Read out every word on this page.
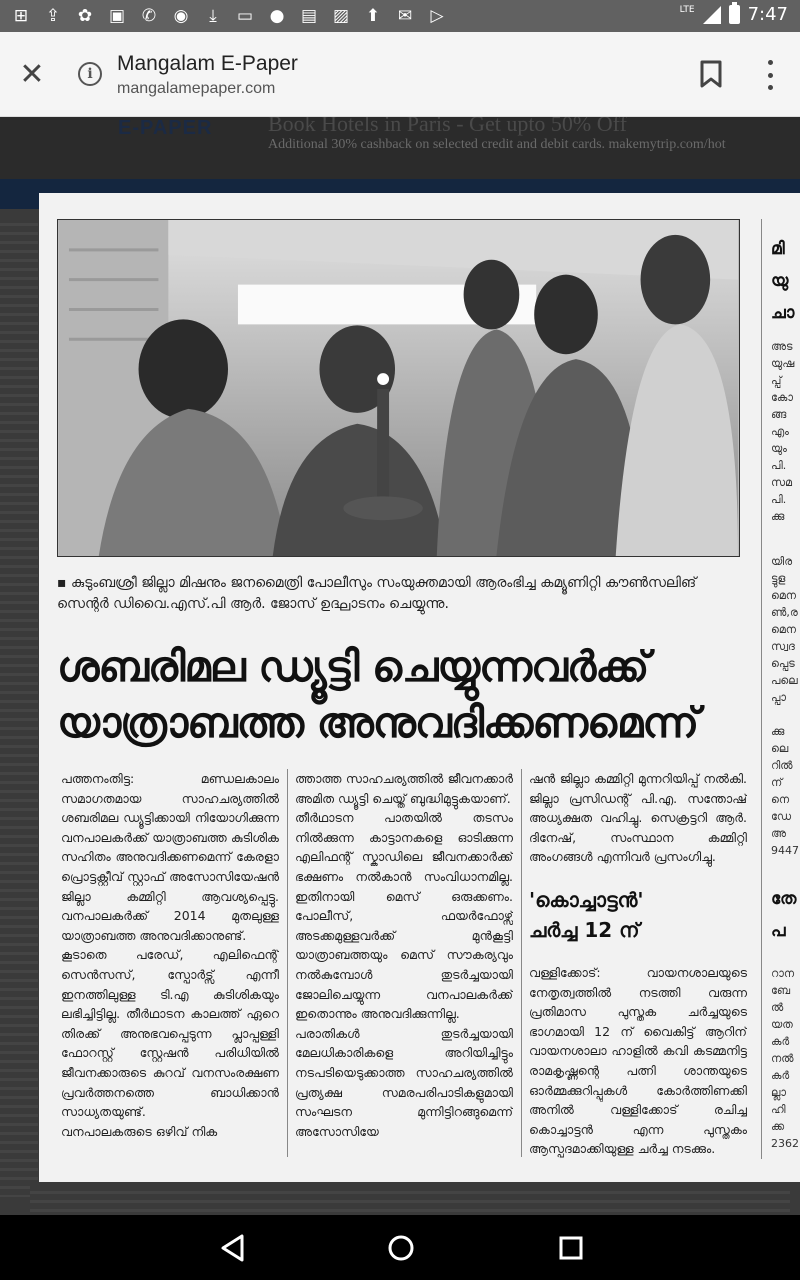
⊞ ⇪ ✿ ▣ ✆ ◉	⤓	▭ ● ▤ ▨ ⬆ ✉ ▷	LTE	7:47
✕	i	Mangalam E-Paper
mangalamepaper.com
E-PAPER	Book Hotels in Paris - Get upto 50% Off
Additional 30% cashback on selected credit and debit cards. makemytrip.com/hot
▪ കുടുംബശ്രീ ജില്ലാ മിഷനും ജനമൈത്രി പോലീസും സംയുക്തമായി ആരംഭിച്ച കമ്യൂണിറ്റി കൗൺസലിങ്
സെന്റർ ഡിവൈ.എസ്.പി ആർ. ജോസ് ഉദ്ഘാടനം ചെയ്യുന്നു.
ശബരിമല ഡ്യൂട്ടി ചെയ്യുന്നവർക്ക്
യാത്രാബത്ത അനുവദിക്കണമെന്ന്
പത്തനംതിട്ട: മണ്ഡലകാലം സമാഗതമായ സാഹചര്യത്തിൽ ശബരിമല ഡ്യൂട്ടിക്കായി നിയോഗിക്കുന്ന വനപാലകർക്ക് യാത്രാബത്ത കുടിശിക സഹിതം അനുവദിക്കണമെന്ന് കേരളാ പ്രൊട്ടക്റ്റീവ് സ്റ്റാഫ് അസോസിയേഷൻ ജില്ലാ കമ്മിറ്റി ആവശ്യപ്പെട്ടു. വനപാലകർക്ക് 2014 മുതലുള്ള യാത്രാബത്ത അനുവദിക്കാനുണ്ട്.
കൂടാതെ പരേഡ്, എലിഫെന്റ് സെൻസസ്, സ്പോർട്സ് എന്നീ ഇനത്തിലുള്ള ടി.എ കുടിശികയും ലഭിച്ചിട്ടില്ല. തീർഥാടന കാലത്ത് ഏറെ തിരക്ക് അനുഭവപ്പെടുന്ന പ്ലാപ്പള്ളി ഫോറസ്റ്റ് സ്റ്റേഷൻ പരിധിയിൽ ജീവനക്കാരുടെ കുറവ് വനസംരക്ഷണ പ്രവർത്തനത്തെ ബാധിക്കാൻ സാധ്യതയുണ്ട്.
വനപാലകരുടെ ഒഴിവ് നിക
ത്താത്ത സാഹചര്യത്തിൽ ജീവനക്കാർ അമിത ഡ്യൂട്ടി ചെയ്ത് ബുദ്ധിമുട്ടുകയാണ്.
തീർഥാടന പാതയിൽ തടസം നിൽക്കുന്ന കാട്ടാനകളെ ഓടിക്കുന്ന എലിഫന്റ് സ്കാഡിലെ ജീവനക്കാർക്ക് ഭക്ഷണം നൽകാൻ സംവിധാനമില്ല. ഇതിനായി മെസ് ഒരുക്കണം. പോലീസ്, ഫയർഫോഴ്സ് അടക്കമുള്ളവർക്ക് മുൻകൂട്ടി യാത്രാബത്തയും മെസ് സൗകര്യവും നൽകുമ്പോൾ തുടർച്ചയായി ജോലിചെയ്യുന്ന വനപാലകർക്ക് ഇതൊന്നും അനുവദിക്കുന്നില്ല.
പരാതികൾ തുടർച്ചയായി മേലധികാരികളെ അറിയിച്ചിട്ടും നടപടിയെടുക്കാത്ത സാഹചര്യത്തിൽ പ്രത്യക്ഷ സമരപരിപാടികളുമായി സംഘടന മുന്നിട്ടിറങ്ങുമെന്ന് അസോസിയേ
ഷൻ ജില്ലാ കമ്മിറ്റി മുന്നറിയിപ്പ് നൽകി. ജില്ലാ പ്രസിഡന്റ് പി.എ. സന്തോഷ് അധ്യക്ഷത വഹിച്ചു. സെക്രട്ടറി ആർ. ദിനേഷ്, സംസ്ഥാന കമ്മിറ്റി അംഗങ്ങൾ എന്നിവർ പ്രസംഗിച്ചു.
'കൊച്ചാട്ടൻ'
ചർച്ച 12 ന്
വള്ളിക്കോട്: വായനശാലയുടെ നേതൃത്വത്തിൽ നടത്തി വരുന്ന പ്രതിമാസ പുസ്തക ചർച്ചയുടെ ഭാഗമായി 12 ന് വൈകിട്ട് ആറിന് വായനശാലാ ഹാളിൽ കവി കടമ്മനിട്ട രാമകൃഷ്ണന്റെ പത്നി ശാന്തയുടെ ഓർമ്മക്കുറിപ്പുകൾ കോർത്തിണക്കി അനിൽ വള്ളിക്കോട് രചിച്ച കൊച്ചാട്ടൻ എന്ന പുസ്തകം ആസ്പദമാക്കിയുള്ള ചർച്ച നടക്കും.
മി
യു
ചാ
അട
യുഷ
പ്പ്
കോ
ങ്ങ
എം
യും
പി.
സമ
പി.
ക്കു
യിര
ട്ടുള
മെന
ൺ,ര
മെന
സ്വദ
പ്പെട
പലെ
പ്പാ

ക്കു
ലെ
റിൽ
ന്
നെ
ഡേ
അ
9447
തേ
പ
റാന
ബേ
ൽ
യത
കർ
നൽ
കർ
ല്ലാ
ഹി
ക്ക
2362
